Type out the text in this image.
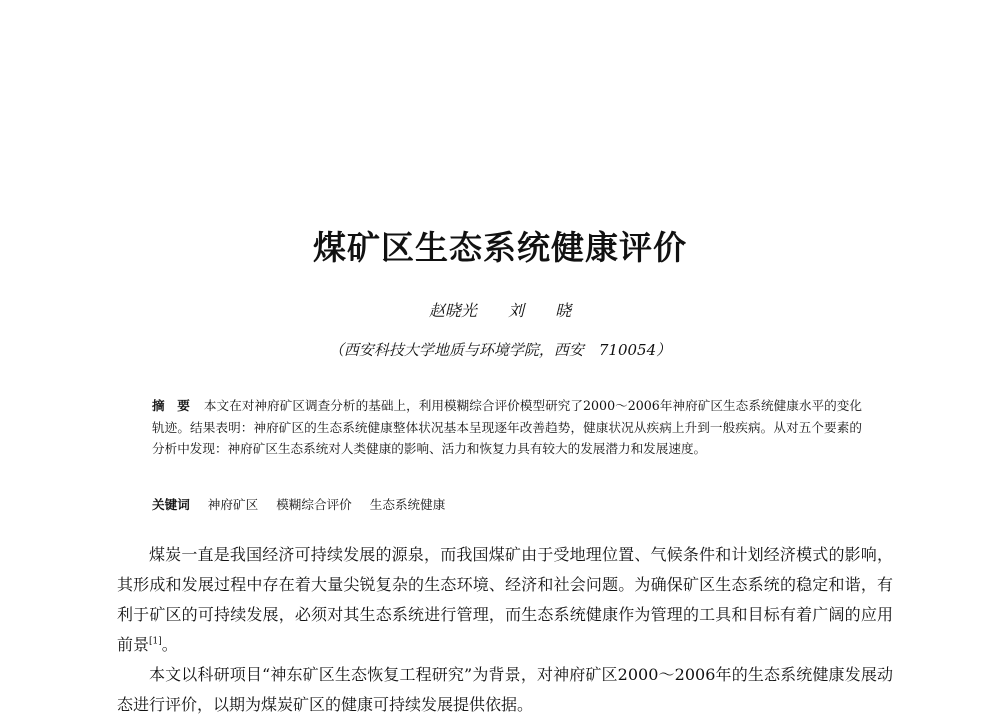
煤矿区生态系统健康评价
赵晓光 刘 晓
（西安科技大学地质与环境学院，西安　710054）
摘　要 本文在对神府矿区调查分析的基础上，利用模糊综合评价模型研究了2000～2006年神府矿区生态系统健康水平的变化轨迹。结果表明：神府矿区的生态系统健康整体状况基本呈现逐年改善趋势，健康状况从疾病上升到一般疾病。从对五个要素的分析中发现：神府矿区生态系统对人类健康的影响、活力和恢复力具有较大的发展潜力和发展速度。
关键词 神府矿区 模糊综合评价 生态系统健康

煤炭一直是我国经济可持续发展的源泉，而我国煤矿由于受地理位置、气候条件和计划经济模式的影响，其形成和发展过程中存在着大量尖锐复杂的生态环境、经济和社会问题。为确保矿区生态系统的稳定和谐，有利于矿区的可持续发展，必须对其生态系统进行管理，而生态系统健康作为管理的工具和目标有着广阔的应用前景[1]。

本文以科研项目“神东矿区生态恢复工程研究”为背景，对神府矿区2000～2006年的生态系统健康发展动态进行评价，以期为煤炭矿区的健康可持续发展提供依据。
